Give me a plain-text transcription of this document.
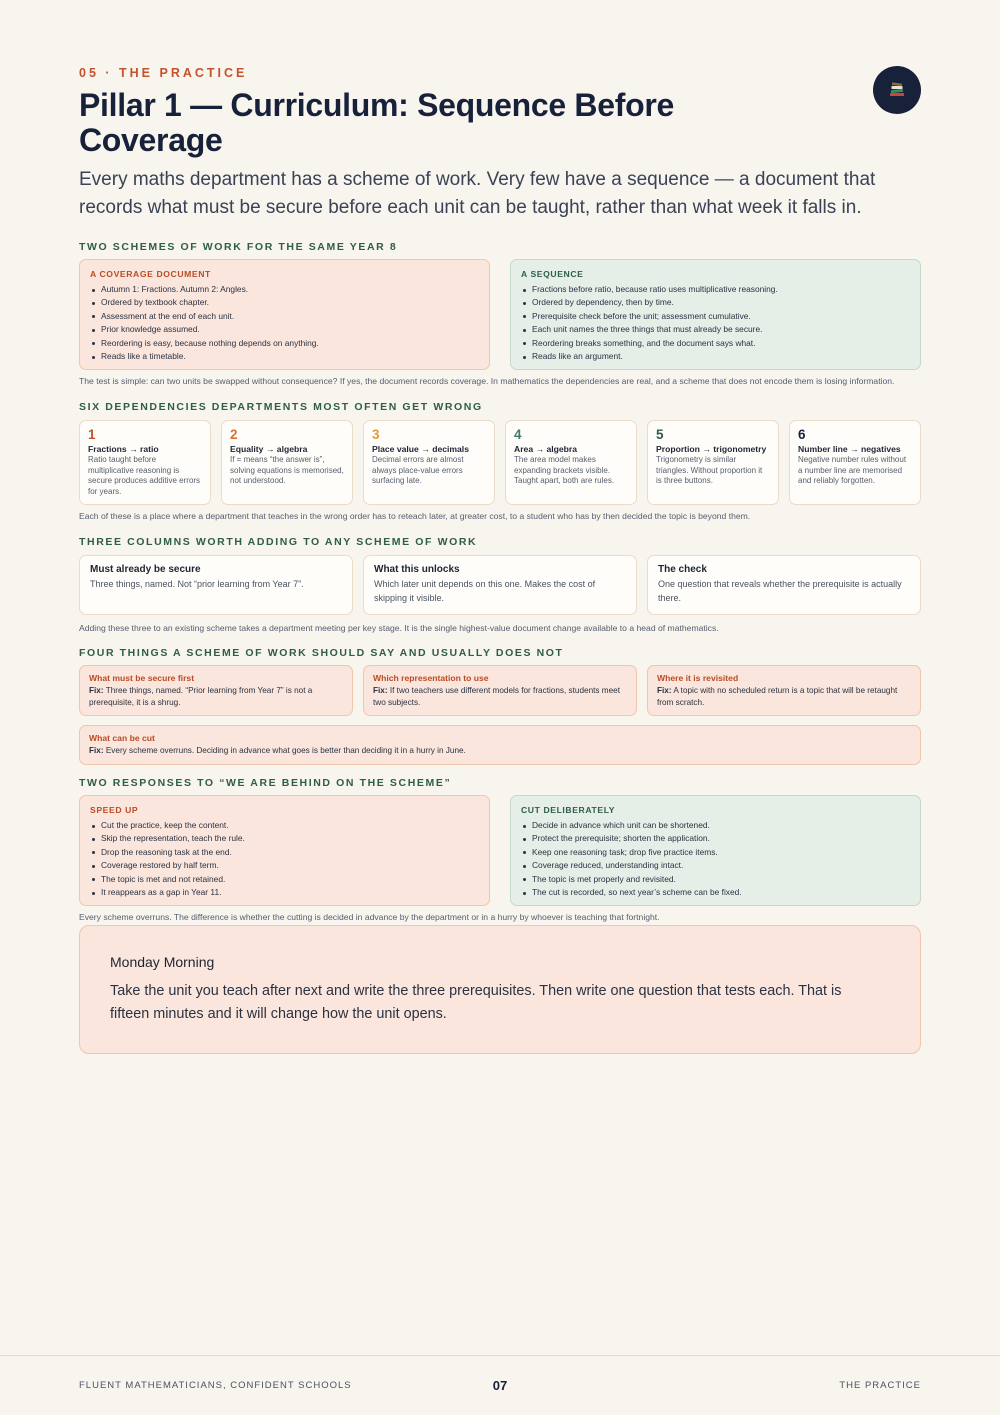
05 · THE PRACTICE
Pillar 1 — Curriculum: Sequence Before Coverage

Every maths department has a scheme of work. Very few have a sequence — a document that records what must be secure before each unit can be taught, rather than what week it falls in.

TWO SCHEMES OF WORK FOR THE SAME YEAR 8
A COVERAGE DOCUMENT
Autumn 1: Fractions. Autumn 2: Angles.
Ordered by textbook chapter.
Assessment at the end of each unit.
Prior knowledge assumed.
Reordering is easy, because nothing depends on anything.
Reads like a timetable.
A SEQUENCE
Fractions before ratio, because ratio uses multiplicative reasoning.
Ordered by dependency, then by time.
Prerequisite check before the unit; assessment cumulative.
Each unit names the three things that must already be secure.
Reordering breaks something, and the document says what.
Reads like an argument.

The test is simple: can two units be swapped without consequence? If yes, the document records coverage. In mathematics the dependencies are real, and a scheme that does not encode them is losing information.

SIX DEPENDENCIES DEPARTMENTS MOST OFTEN GET WRONG
1
Fractions → ratio
Ratio taught before multiplicative reasoning is secure produces additive errors for years.
2
Equality → algebra
If = means “the answer is”, solving equations is memorised, not understood.
3
Place value → decimals
Decimal errors are almost always place-value errors surfacing late.
4
Area → algebra
The area model makes expanding brackets visible. Taught apart, both are rules.
5
Proportion → trigonometry
Trigonometry is similar triangles. Without proportion it is three buttons.
6
Number line → negatives
Negative number rules without a number line are memorised and reliably forgotten.

Each of these is a place where a department that teaches in the wrong order has to reteach later, at greater cost, to a student who has by then decided the topic is beyond them.

THREE COLUMNS WORTH ADDING TO ANY SCHEME OF WORK
Must already be secure
Three things, named. Not “prior learning from Year 7”.
What this unlocks
Which later unit depends on this one. Makes the cost of skipping it visible.
The check
One question that reveals whether the prerequisite is actually there.

Adding these three to an existing scheme takes a department meeting per key stage. It is the single highest-value document change available to a head of mathematics.

FOUR THINGS A SCHEME OF WORK SHOULD SAY AND USUALLY DOES NOT
What must be secure first
Fix: Three things, named. “Prior learning from Year 7” is not a prerequisite, it is a shrug.
Which representation to use
Fix: If two teachers use different models for fractions, students meet two subjects.
Where it is revisited
Fix: A topic with no scheduled return is a topic that will be retaught from scratch.
What can be cut
Fix: Every scheme overruns. Deciding in advance what goes is better than deciding it in a hurry in June.
TWO RESPONSES TO “WE ARE BEHIND ON THE SCHEME”
SPEED UP
Cut the practice, keep the content.
Skip the representation, teach the rule.
Drop the reasoning task at the end.
Coverage restored by half term.
The topic is met and not retained.
It reappears as a gap in Year 11.
CUT DELIBERATELY
Decide in advance which unit can be shortened.
Protect the prerequisite; shorten the application.
Keep one reasoning task; drop five practice items.
Coverage reduced, understanding intact.
The topic is met properly and revisited.
The cut is recorded, so next year’s scheme can be fixed.

Every scheme overruns. The difference is whether the cutting is decided in advance by the department or in a hurry by whoever is teaching that fortnight.

Monday Morning
Take the unit you teach after next and write the three prerequisites. Then write one question that tests each. That is fifteen minutes and it will change how the unit opens.
FLUENT MATHEMATICIANS, CONFIDENT SCHOOLS	07	THE PRACTICE
